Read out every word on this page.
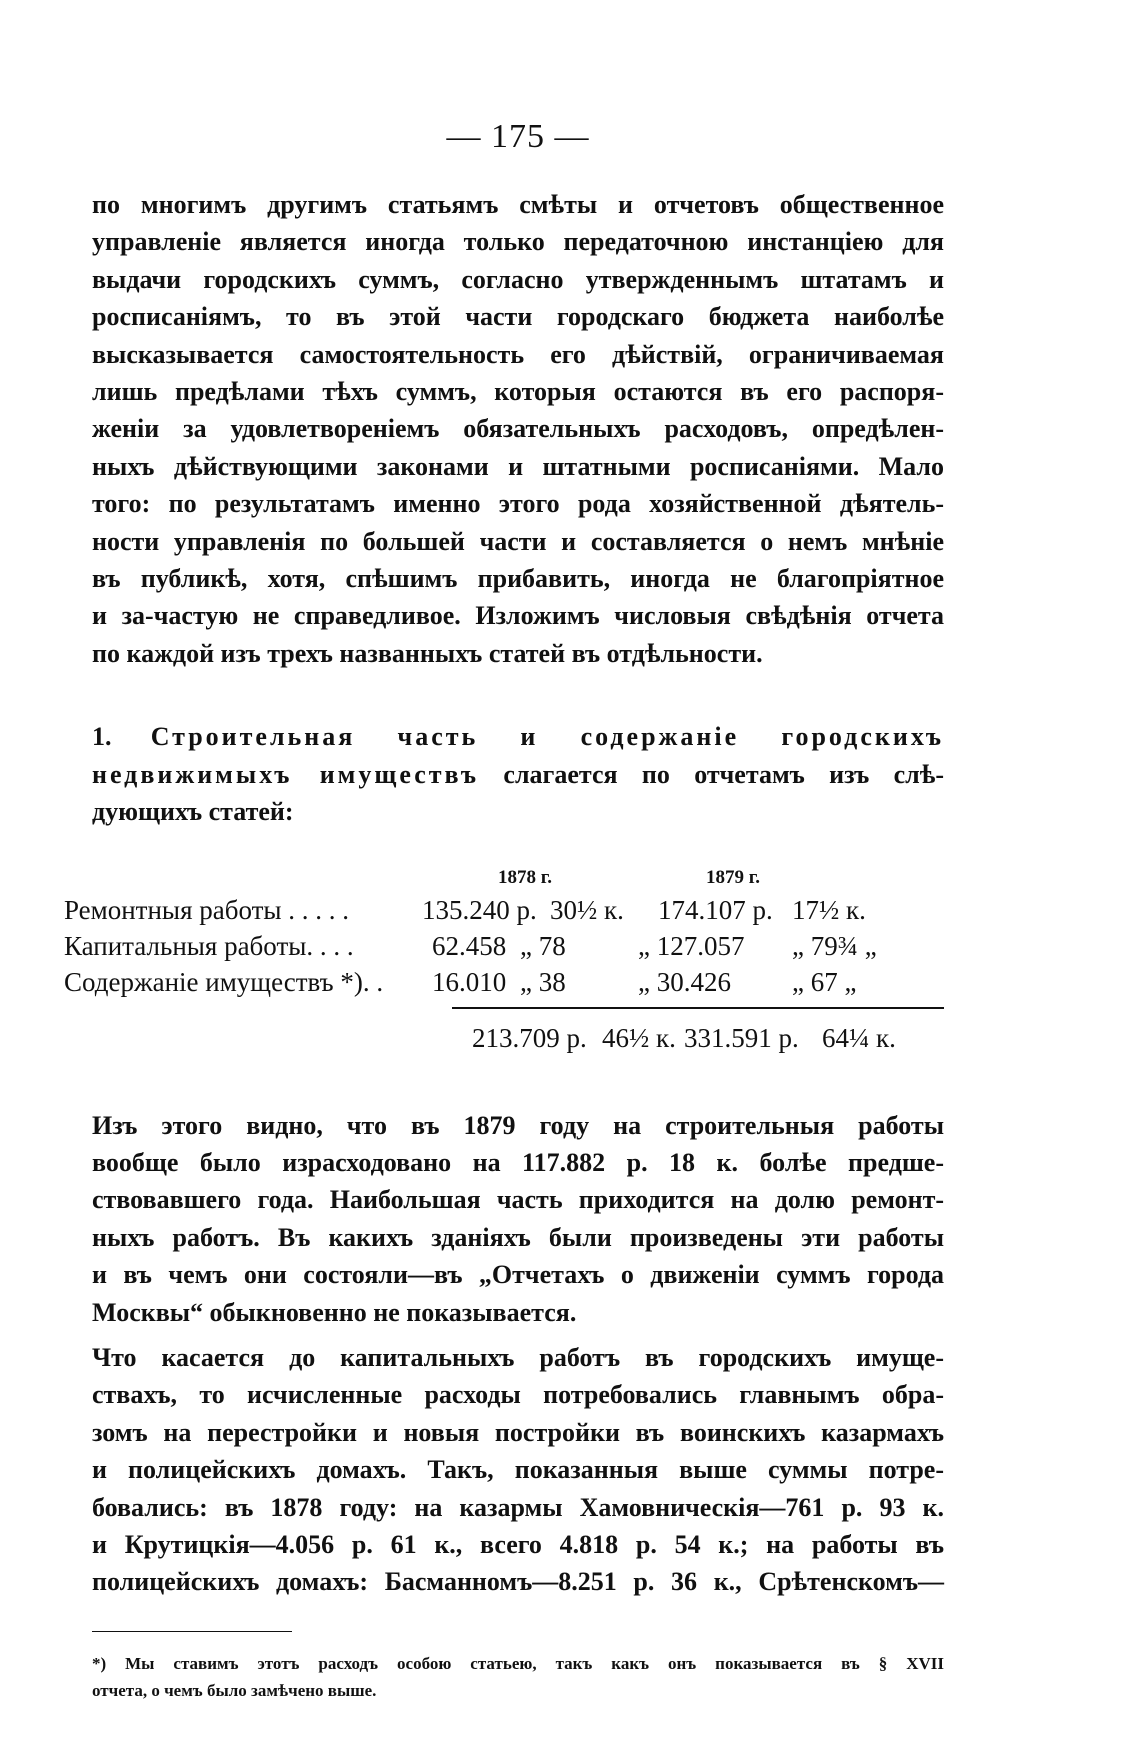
— 175 —

по многимъ другимъ статьямъ смѣты и отчетовъ общественное
управленіе является иногда только передаточною инстанціею для
выдачи городскихъ суммъ, согласно утвержденнымъ штатамъ и
росписаніямъ, то въ этой части городскаго бюджета наиболѣе
высказывается самостоятельность его дѣйствій, ограничиваемая
лишь предѣлами тѣхъ суммъ, которыя остаются въ его распоря-
женіи за удовлетвореніемъ обязательныхъ расходовъ, опредѣлен-
ныхъ дѣйствующими законами и штатными росписаніями. Мало
того: по результатамъ именно этого рода хозяйственной дѣятель-
ности управленія по большей части и составляется о немъ мнѣніе
въ публикѣ, хотя, спѣшимъ прибавить, иногда не благопріятное
и за-частую не справедливое. Изложимъ числовыя свѣдѣнія отчета
по каждой изъ трехъ названныхъ статей въ отдѣльности.

1. Строительная часть и содержаніе городскихъ
недвижимыхъ имуществъ слагается по отчетамъ изъ слѣ-
дующихъ статей:

1878 г.	1879 г.
Ремонтныя работы . . . . .	135.240 р. 30½ к. 174.107 р. 17½ к.
Капитальныя работы. . . .	62.458 „ 78	„ 127.057 „ 79¾ „
Содержаніе имуществъ *). . 16.010 „ 38	„ 30.426 „ 67 „
213.709 р. 46½ к. 331.591 р. 64¼ к.

Изъ этого видно, что въ 1879 году на строительныя работы
вообще было израсходовано на 117.882 р. 18 к. болѣе предше-
ствовавшего года. Наибольшая часть приходится на долю ремонт-
ныхъ работъ. Въ какихъ зданіяхъ были произведены эти работы
и въ чемъ они состояли—въ „Отчетахъ о движеніи суммъ города
Москвы“ обыкновенно не показывается.

Что касается до капитальныхъ работъ въ городскихъ имуще-
ствахъ, то исчисленные расходы потребовались главнымъ обра-
зомъ на перестройки и новыя постройки въ воинскихъ казармахъ
и полицейскихъ домахъ. Такъ, показанныя выше суммы потре-
бовались: въ 1878 году: на казармы Хамовническія—761 р. 93 к.
и Крутицкія—4.056 р. 61 к., всего 4.818 р. 54 к.; на работы въ
полицейскихъ домахъ: Басманномъ—8.251 р. 36 к., Срѣтенскомъ—

*) Мы ставимъ этотъ расходъ особою статьею, такъ какъ онъ показывается въ § XVII
отчета, о чемъ было замѣчено выше.
